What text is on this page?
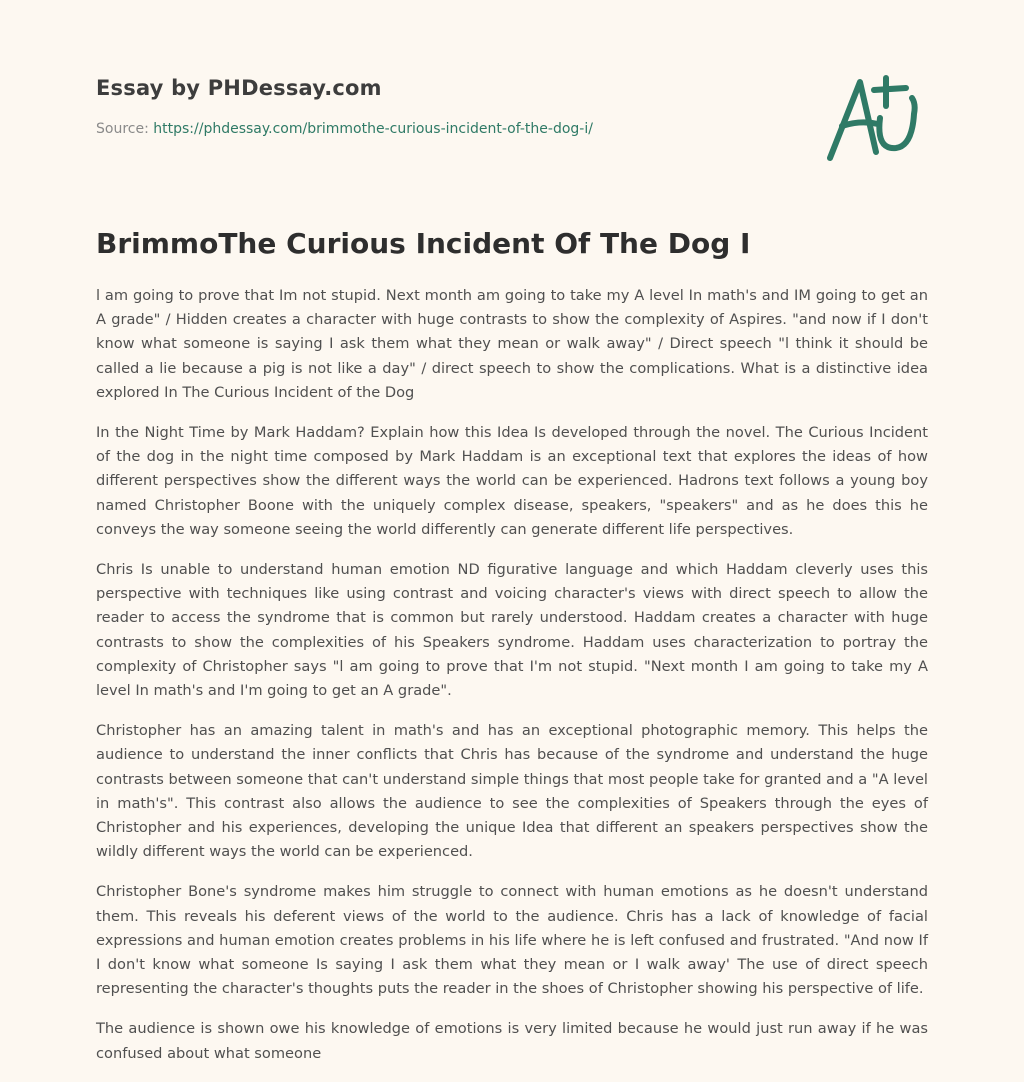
Essay by PHDessay.com
Source: https://phdessay.com/brimmothe-curious-incident-of-the-dog-i/
BrimmoThe Curious Incident Of The Dog I

l am going to prove that Im not stupid. Next month am going to take my A level In math's and IM going to get an A grade" / Hidden creates a character with huge contrasts to show the complexity of Aspires. "and now if I don't know what someone is saying I ask them what they mean or walk away" / Direct speech "l think it should be called a lie because a pig is not like a day" / direct speech to show the complications. What is a distinctive idea explored In The Curious Incident of the Dog

In the Night Time by Mark Haddam? Explain how this Idea Is developed through the novel. The Curious Incident of the dog in the night time composed by Mark Haddam is an exceptional text that explores the ideas of how different perspectives show the different ways the world can be experienced. Hadrons text follows a young boy named Christopher Boone with the uniquely complex disease, speakers, "speakers" and as he does this he conveys the way someone seeing the world differently can generate different life perspectives.

Chris Is unable to understand human emotion ND figurative language and which Haddam cleverly uses this perspective with techniques like using contrast and voicing character's views with direct speech to allow the reader to access the syndrome that is common but rarely understood. Haddam creates a character with huge contrasts to show the complexities of his Speakers syndrome. Haddam uses characterization to portray the complexity of Christopher says "l am going to prove that I'm not stupid. "Next month I am going to take my A level In math's and I'm going to get an A grade".

Christopher has an amazing talent in math's and has an exceptional photographic memory. This helps the audience to understand the inner conflicts that Chris has because of the syndrome and understand the huge contrasts between someone that can't understand simple things that most people take for granted and a "A level in math's". This contrast also allows the audience to see the complexities of Speakers through the eyes of Christopher and his experiences, developing the unique Idea that different an speakers perspectives show the wildly different ways the world can be experienced.

Christopher Bone's syndrome makes him struggle to connect with human emotions as he doesn't understand them. This reveals his deferent views of the world to the audience. Chris has a lack of knowledge of facial expressions and human emotion creates problems in his life where he is left confused and frustrated. "And now If I don't know what someone Is saying I ask them what they mean or I walk away' The use of direct speech representing the character's thoughts puts the reader in the shoes of Christopher showing his perspective of life.

The audience is shown owe his knowledge of emotions is very limited because he would just run away if he was confused about what someone
